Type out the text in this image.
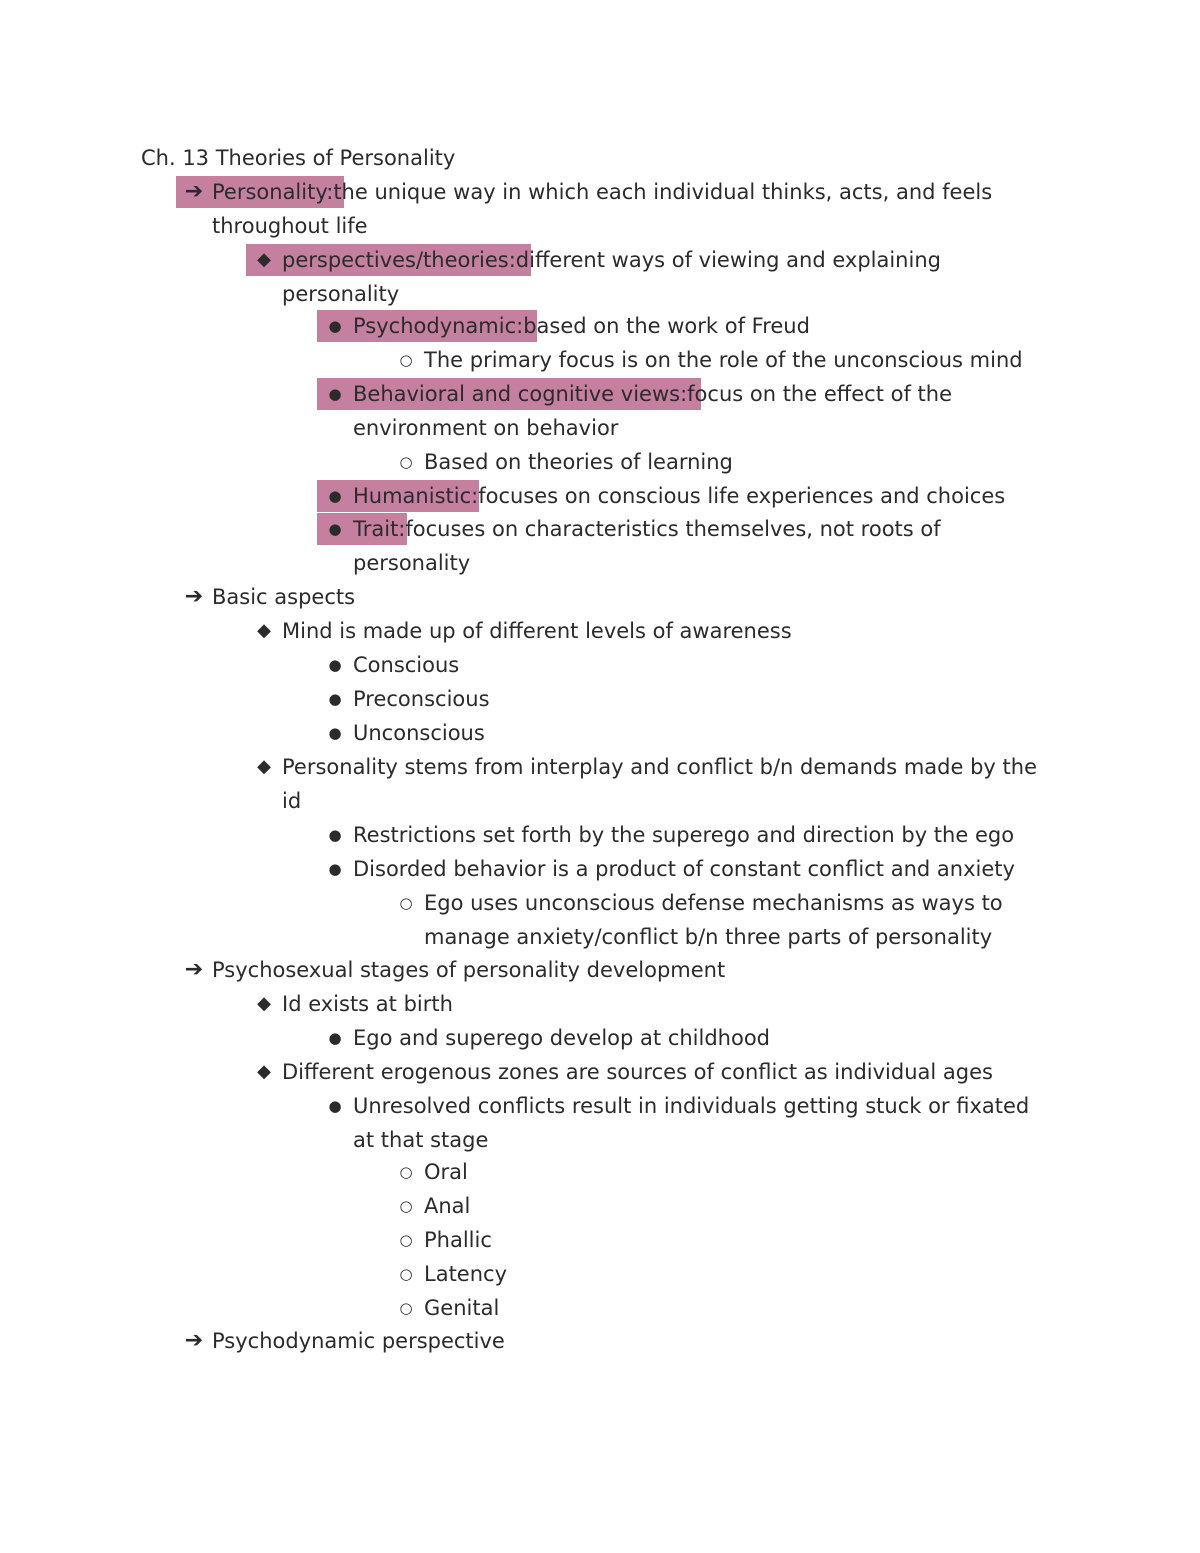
Ch. 13 Theories of Personality
➔ Personality:the unique way in which each individual thinks, acts, and feels throughout life
◆ perspectives/theories:different ways of viewing and explaining personality
● Psychodynamic:based on the work of Freud
○ The primary focus is on the role of the unconscious mind
● Behavioral and cognitive views:focus on the effect of the environment on behavior
○ Based on theories of learning
● Humanistic:focuses on conscious life experiences and choices
● Trait:focuses on characteristics themselves, not roots of personality
➔ Basic aspects
◆ Mind is made up of different levels of awareness
● Conscious
● Preconscious
● Unconscious
◆ Personality stems from interplay and conflict b/n demands made by the id
● Restrictions set forth by the superego and direction by the ego
● Disorded behavior is a product of constant conflict and anxiety
○ Ego uses unconscious defense mechanisms as ways to manage anxiety/conflict b/n three parts of personality
➔ Psychosexual stages of personality development
◆ Id exists at birth
● Ego and superego develop at childhood
◆ Different erogenous zones are sources of conflict as individual ages
● Unresolved conflicts result in individuals getting stuck or fixated at that stage
○ Oral
○ Anal
○ Phallic
○ Latency
○ Genital
➔ Psychodynamic perspective
